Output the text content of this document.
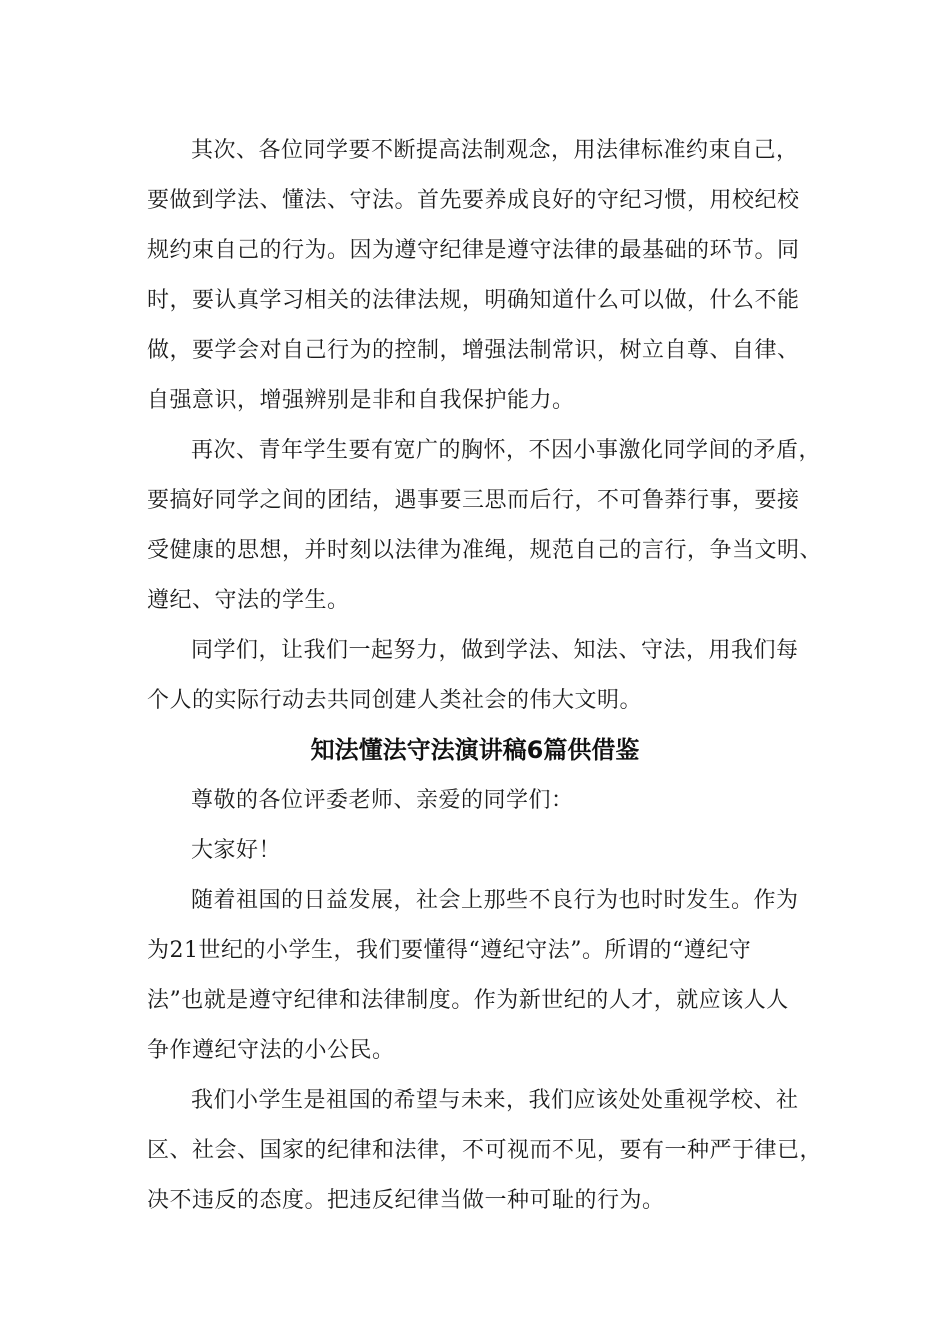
其次、各位同学要不断提高法制观念，用法律标准约束自己，
要做到学法、懂法、守法。首先要养成良好的守纪习惯，用校纪校
规约束自己的行为。因为遵守纪律是遵守法律的最基础的环节。同
时，要认真学习相关的法律法规，明确知道什么可以做，什么不能
做，要学会对自己行为的控制，增强法制常识，树立自尊、自律、
自强意识，增强辨别是非和自我保护能力。
再次、青年学生要有宽广的胸怀，不因小事激化同学间的矛盾，
要搞好同学之间的团结，遇事要三思而后行，不可鲁莽行事，要接
受健康的思想，并时刻以法律为准绳，规范自己的言行，争当文明、
遵纪、守法的学生。
同学们，让我们一起努力，做到学法、知法、守法，用我们每
个人的实际行动去共同创建人类社会的伟大文明。
知法懂法守法演讲稿6篇供借鉴
尊敬的各位评委老师、亲爱的同学们：
大家好！
随着祖国的日益发展，社会上那些不良行为也时时发生。作为
为21世纪的小学生，我们要懂得“遵纪守法”。所谓的“遵纪守
法”也就是遵守纪律和法律制度。作为新世纪的人才，就应该人人
争作遵纪守法的小公民。
我们小学生是祖国的希望与未来，我们应该处处重视学校、社
区、社会、国家的纪律和法律，不可视而不见，要有一种严于律已，
决不违反的态度。把违反纪律当做一种可耻的行为。
